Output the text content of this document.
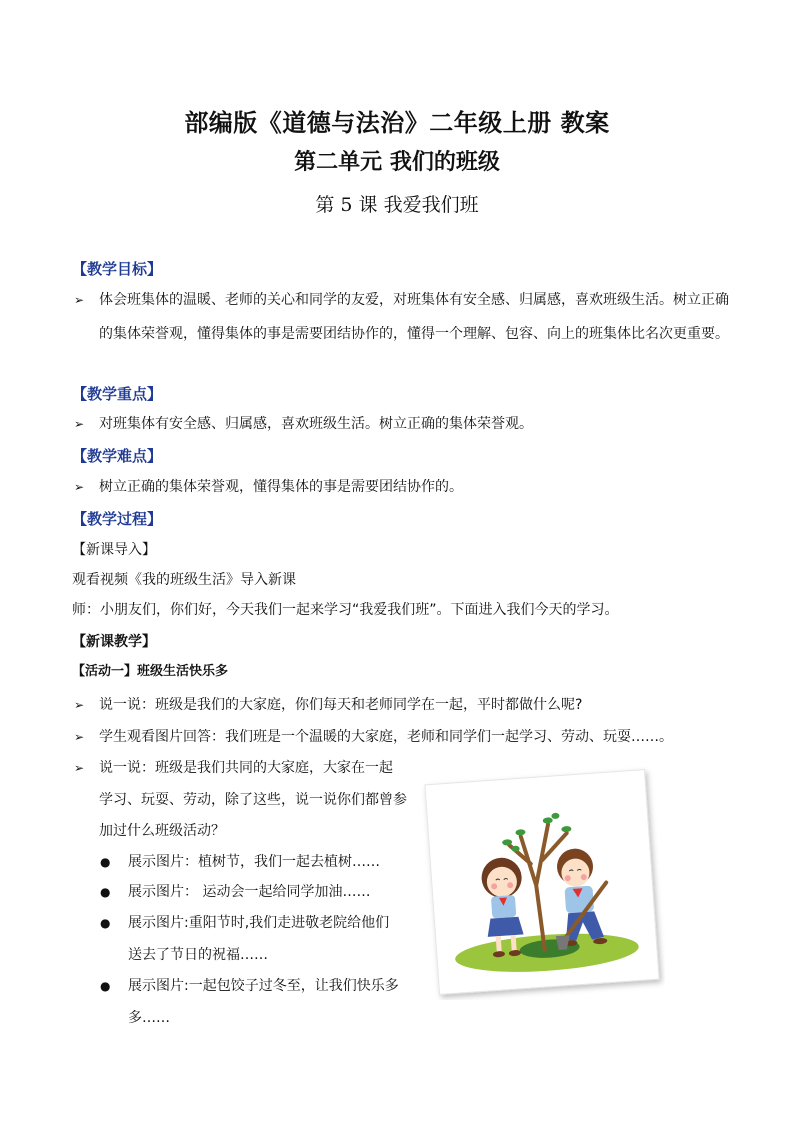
部编版《道德与法治》二年级上册 教案
第二单元 我们的班级
第 5 课 我爱我们班
【教学目标】
➢ 体会班集体的温暖、老师的关心和同学的友爱，对班集体有安全感、归属感，喜欢班级生活。树立正确的集体荣誉观，懂得集体的事是需要团结协作的，懂得一个理解、包容、向上的班集体比名次更重要。
【教学重点】
➢ 对班集体有安全感、归属感，喜欢班级生活。树立正确的集体荣誉观。
【教学难点】
➢ 树立正确的集体荣誉观，懂得集体的事是需要团结协作的。
【教学过程】
【新课导入】
观看视频《我的班级生活》导入新课
师：小朋友们，你们好，今天我们一起来学习“我爱我们班”。下面进入我们今天的学习。
【新课教学】
【活动一】班级生活快乐多
➢ 说一说：班级是我们的大家庭，你们每天和老师同学在一起，平时都做什么呢?
➢ 学生观看图片回答：我们班是一个温暖的大家庭，老师和同学们一起学习、劳动、玩耍……。
➢ 说一说：班级是我们共同的大家庭，大家在一起
学习、玩耍、劳动，除了这些，说一说你们都曾参
加过什么班级活动？
● 展示图片：植树节，我们一起去植树……
● 展示图片： 运动会一起给同学加油……
● 展示图片:重阳节时,我们走进敬老院给他们
送去了节日的祝福……
● 展示图片:一起包饺子过冬至，让我们快乐多
多……
